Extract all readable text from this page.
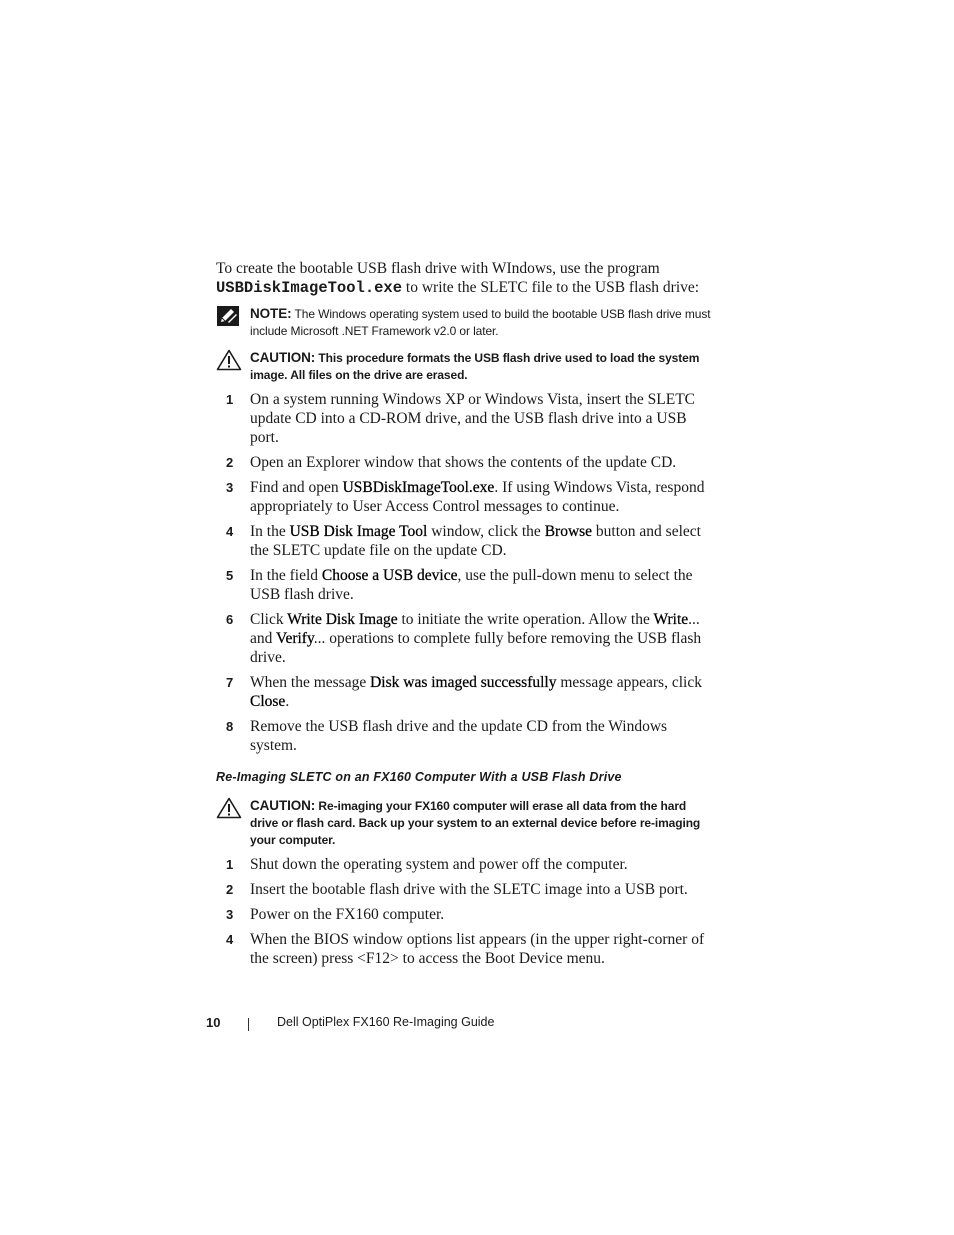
To create the bootable USB flash drive with WIndows, use the program
USBDiskImageTool.exe to write the SLETC file to the USB flash drive:
NOTE: The Windows operating system used to build the bootable USB flash drive must include Microsoft .NET Framework v2.0 or later.
CAUTION: This procedure formats the USB flash drive used to load the system image. All files on the drive are erased.
1 On a system running Windows XP or Windows Vista, insert the SLETC update CD into a CD-ROM drive, and the USB flash drive into a USB port.
2 Open an Explorer window that shows the contents of the update CD.
3 Find and open USBDiskImageTool.exe. If using Windows Vista, respond appropriately to User Access Control messages to continue.
4 In the USB Disk Image Tool window, click the Browse button and select the SLETC update file on the update CD.
5 In the field Choose a USB device, use the pull-down menu to select the USB flash drive.
6 Click Write Disk Image to initiate the write operation. Allow the Write... and Verify... operations to complete fully before removing the USB flash drive.
7 When the message Disk was imaged successfully message appears, click Close.
8 Remove the USB flash drive and the update CD from the Windows system.
Re-Imaging SLETC on an FX160 Computer With a USB Flash Drive
CAUTION: Re-imaging your FX160 computer will erase all data from the hard drive or flash card. Back up your system to an external device before re-imaging your computer.
1 Shut down the operating system and power off the computer.
2 Insert the bootable flash drive with the SLETC image into a USB port.
3 Power on the FX160 computer.
4 When the BIOS window options list appears (in the upper right-corner of the screen) press <F12> to access the Boot Device menu.
10	Dell OptiPlex FX160 Re-Imaging Guide
